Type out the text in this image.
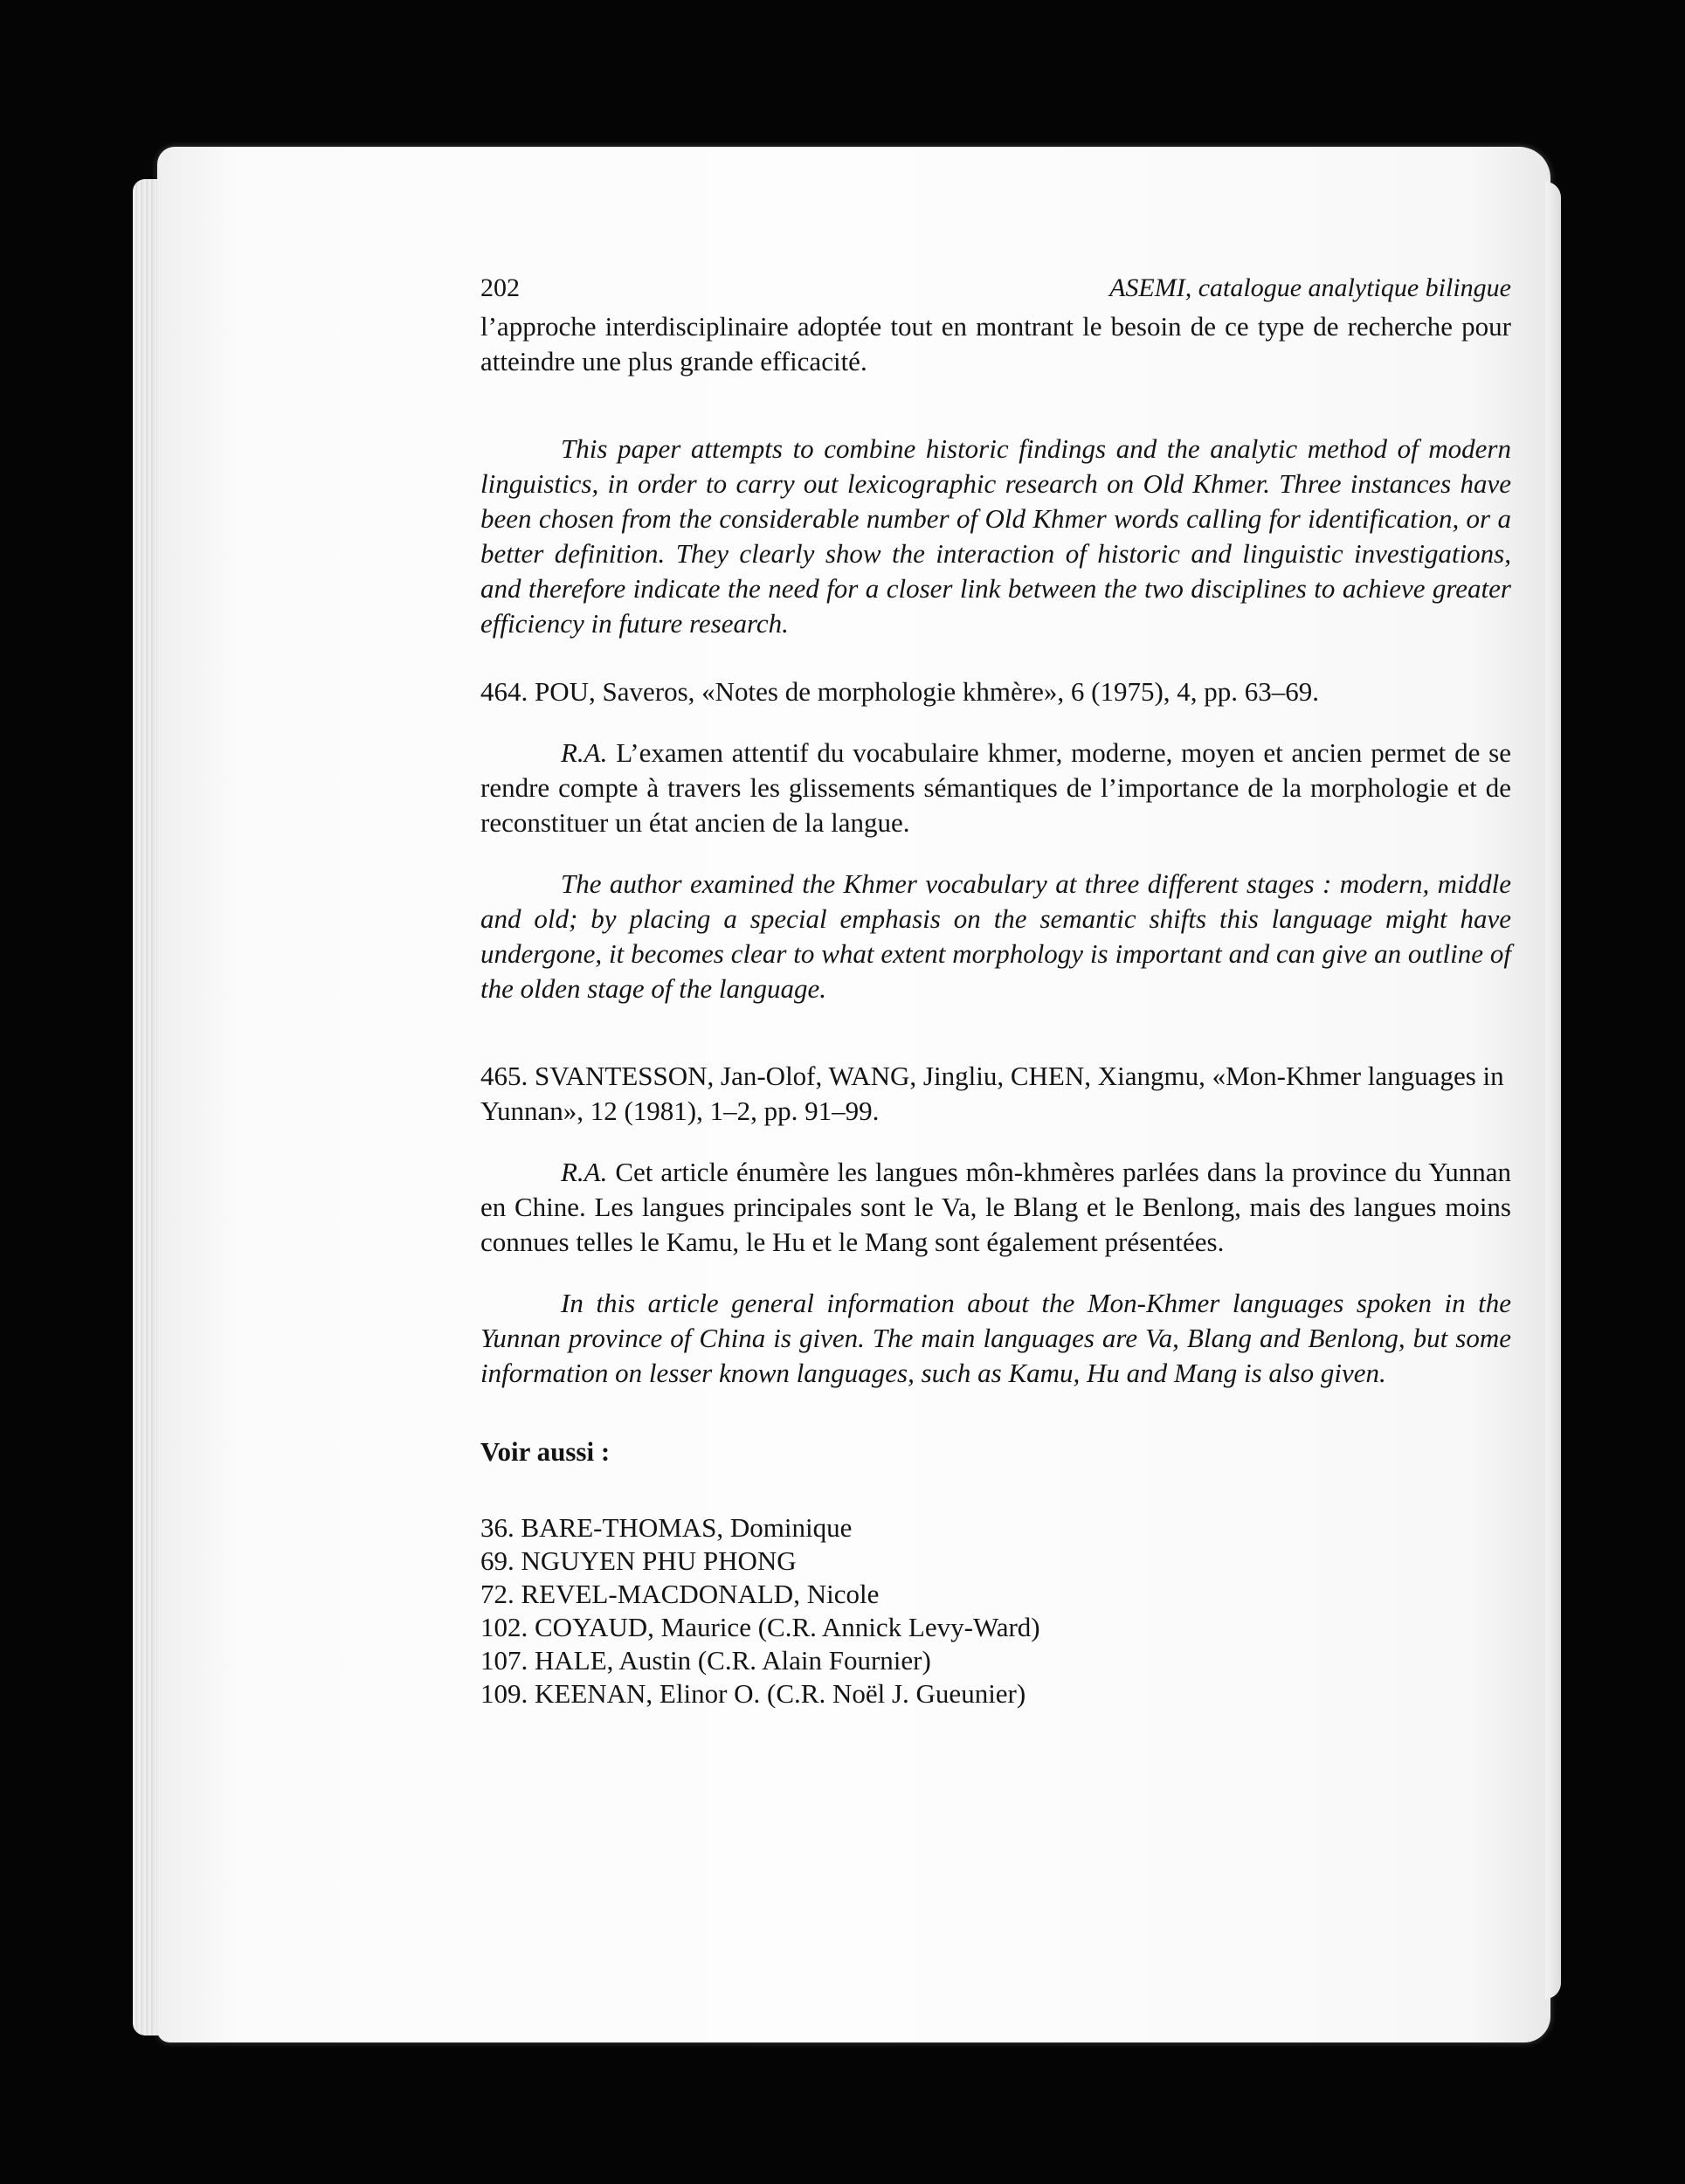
202	ASEMI, catalogue analytique bilingue

l’approche interdisciplinaire adoptée tout en montrant le besoin de ce type de recherche pour atteindre une plus grande efficacité.

This paper attempts to combine historic findings and the analytic method of modern linguistics, in order to carry out lexicographic research on Old Khmer. Three instances have been chosen from the considerable number of Old Khmer words calling for identification, or a better definition. They clearly show the interaction of historic and linguistic investigations, and therefore indicate the need for a closer link between the two disciplines to achieve greater efficiency in future research.

464. POU, Saveros, «Notes de morphologie khmère», 6 (1975), 4, pp. 63–69.

R.A. L’examen attentif du vocabulaire khmer, moderne, moyen et ancien permet de se rendre compte à travers les glissements sémantiques de l’importance de la morphologie et de reconstituer un état ancien de la langue.

The author examined the Khmer vocabulary at three different stages : modern, middle and old; by placing a special emphasis on the semantic shifts this language might have undergone, it becomes clear to what extent morphology is important and can give an outline of the olden stage of the language.

465. SVANTESSON, Jan-Olof, WANG, Jingliu, CHEN, Xiangmu, «Mon-Khmer languages in Yunnan», 12 (1981), 1–2, pp. 91–99.

R.A. Cet article énumère les langues môn-khmères parlées dans la province du Yunnan en Chine. Les langues principales sont le Va, le Blang et le Benlong, mais des langues moins connues telles le Kamu, le Hu et le Mang sont également présentées.

In this article general information about the Mon-Khmer languages spoken in the Yunnan province of China is given. The main languages are Va, Blang and Benlong, but some information on lesser known languages, such as Kamu, Hu and Mang is also given.

Voir aussi :

36. BARE-THOMAS, Dominique
69. NGUYEN PHU PHONG
72. REVEL-MACDONALD, Nicole
102. COYAUD, Maurice (C.R. Annick Levy-Ward)
107. HALE, Austin (C.R. Alain Fournier)
109. KEENAN, Elinor O. (C.R. Noël J. Gueunier)
